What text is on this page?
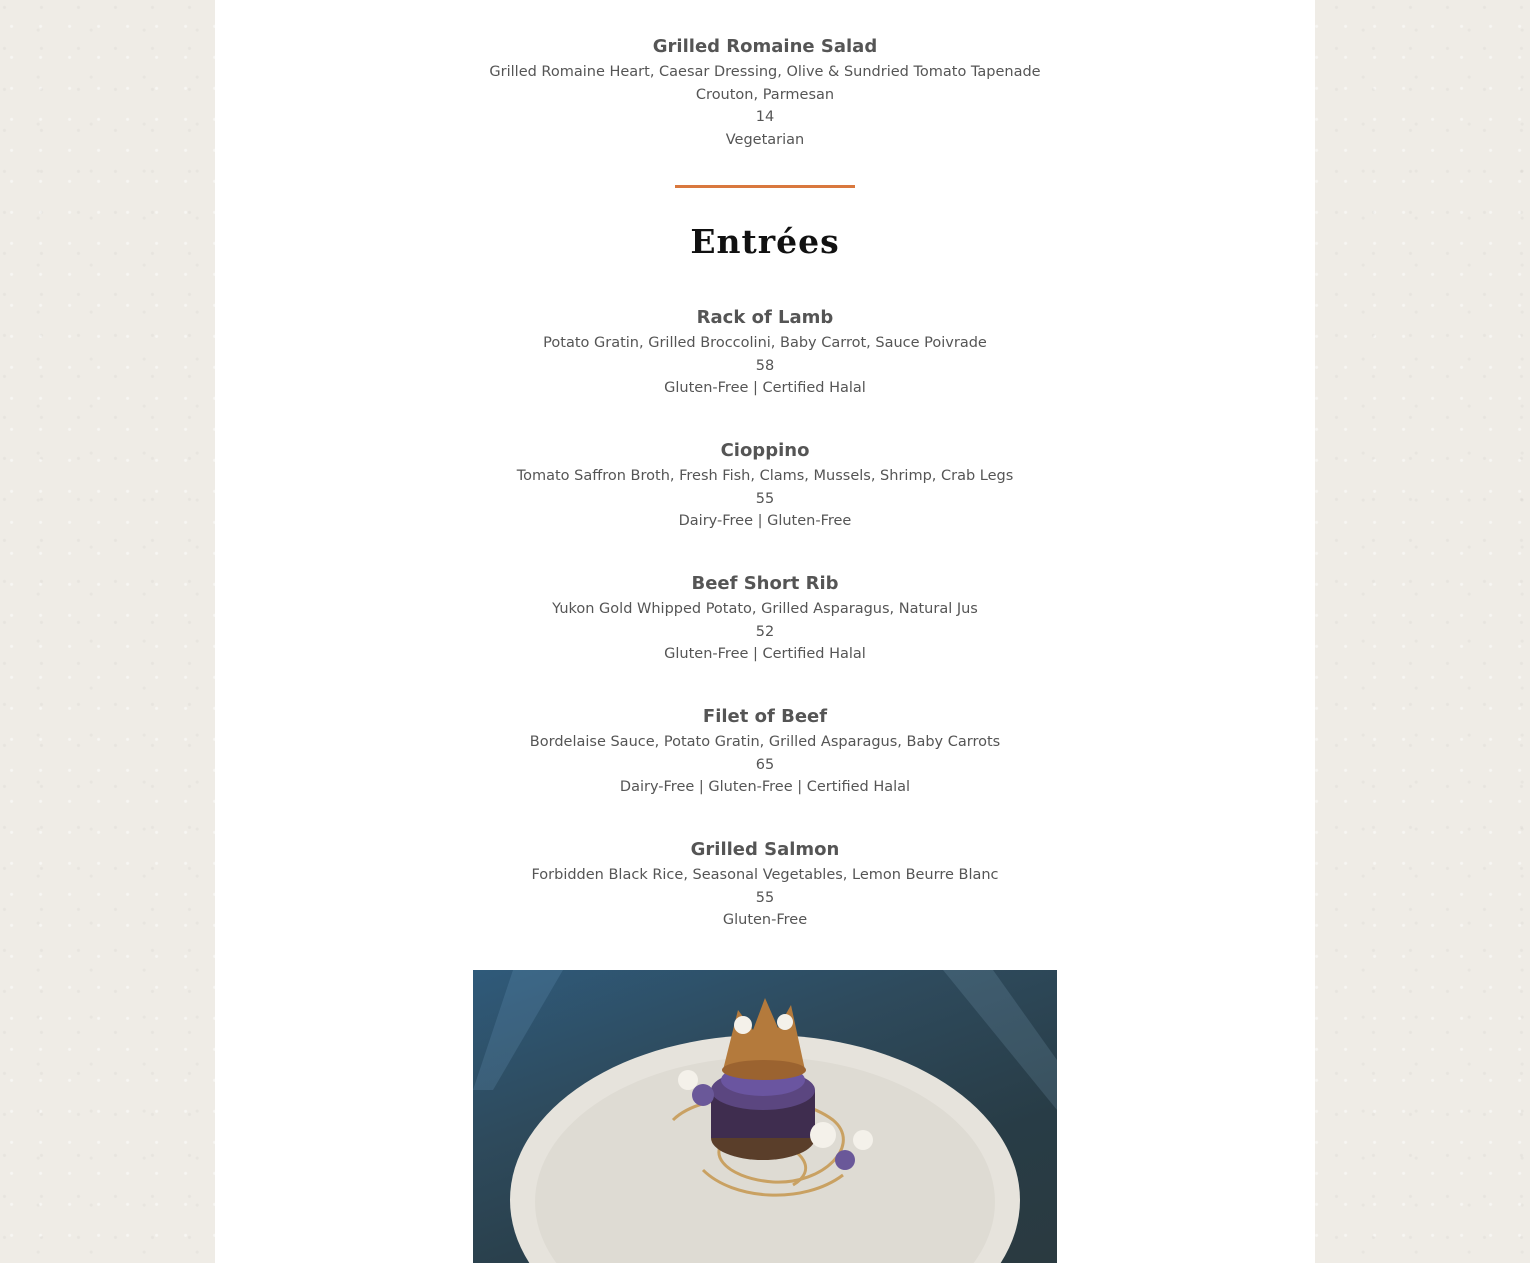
Grilled Romaine Salad

Grilled Romaine Heart, Caesar Dressing, Olive & Sundried Tomato Tapenade

Crouton, Parmesan

14

Vegetarian

Entrées

Rack of Lamb

Potato Gratin, Grilled Broccolini, Baby Carrot, Sauce Poivrade

58

Gluten-Free | Certified Halal

Cioppino

Tomato Saffron Broth, Fresh Fish, Clams, Mussels, Shrimp, Crab Legs

55

Dairy-Free | Gluten-Free

Beef Short Rib

Yukon Gold Whipped Potato, Grilled Asparagus, Natural Jus

52

Gluten-Free | Certified Halal

Filet of Beef

Bordelaise Sauce, Potato Gratin, Grilled Asparagus, Baby Carrots

65

Dairy-Free | Gluten-Free | Certified Halal

Grilled Salmon

Forbidden Black Rice, Seasonal Vegetables, Lemon Beurre Blanc

55

Gluten-Free
